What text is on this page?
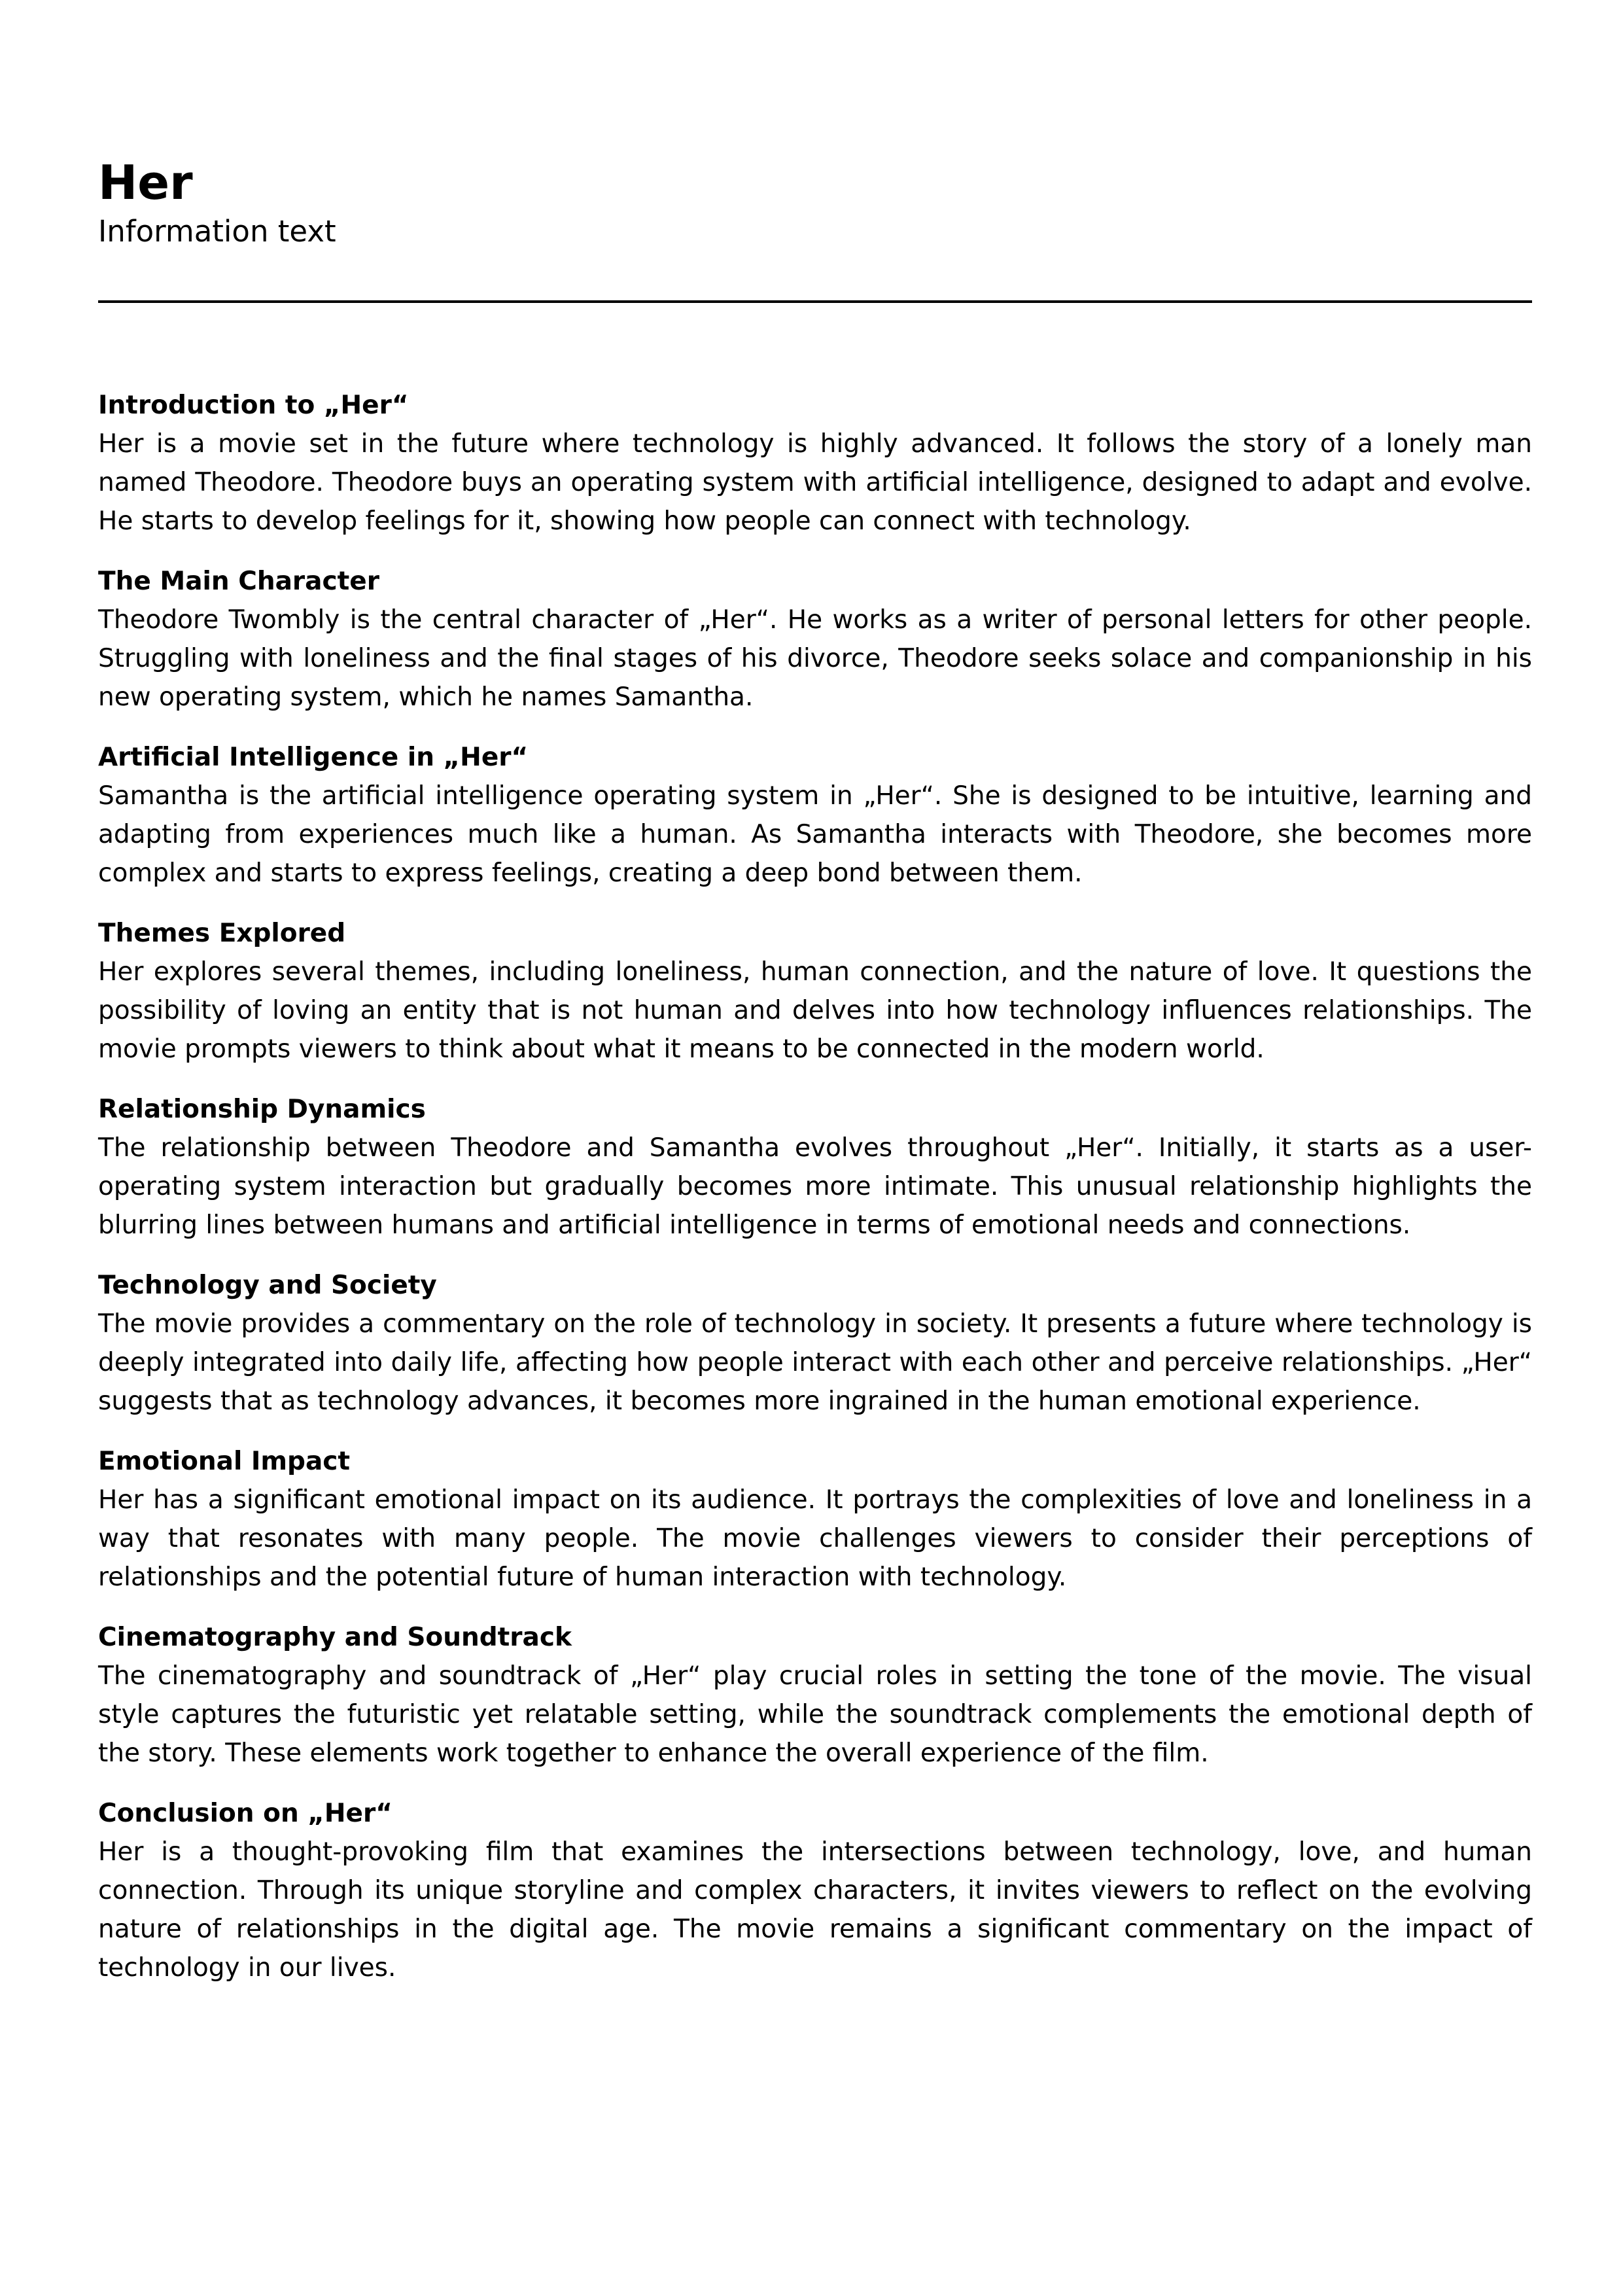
Her

Information text

Introduction to „Her“

Her is a movie set in the future where technology is highly advanced. It follows the story of a lonely man named Theodore. Theodore buys an operating system with artificial intelligence, designed to adapt and evolve. He starts to develop feelings for it, showing how people can connect with technology.

The Main Character

Theodore Twombly is the central character of „Her“. He works as a writer of personal letters for other people. Struggling with loneliness and the final stages of his divorce, Theodore seeks solace and companionship in his new operating system, which he names Samantha.

Artificial Intelligence in „Her“

Samantha is the artificial intelligence operating system in „Her“. She is designed to be intuitive, learning and adapting from experiences much like a human. As Samantha interacts with Theodore, she becomes more complex and starts to express feelings, creating a deep bond between them.

Themes Explored

Her explores several themes, including loneliness, human connection, and the nature of love. It questions the possibility of loving an entity that is not human and delves into how technology influences relationships. The movie prompts viewers to think about what it means to be connected in the modern world.

Relationship Dynamics

The relationship between Theodore and Samantha evolves throughout „Her“. Initially, it starts as a user-operating system interaction but gradually becomes more intimate. This unusual relationship highlights the blurring lines between humans and artificial intelligence in terms of emotional needs and connections.

Technology and Society

The movie provides a commentary on the role of technology in society. It presents a future where technology is deeply integrated into daily life, affecting how people interact with each other and perceive relationships. „Her“ suggests that as technology advances, it becomes more ingrained in the human emotional experience.

Emotional Impact

Her has a significant emotional impact on its audience. It portrays the complexities of love and loneliness in a way that resonates with many people. The movie challenges viewers to consider their perceptions of relationships and the potential future of human interaction with technology.

Cinematography and Soundtrack

The cinematography and soundtrack of „Her“ play crucial roles in setting the tone of the movie. The visual style captures the futuristic yet relatable setting, while the soundtrack complements the emotional depth of the story. These elements work together to enhance the overall experience of the film.

Conclusion on „Her“

Her is a thought-provoking film that examines the intersections between technology, love, and human connection. Through its unique storyline and complex characters, it invites viewers to reflect on the evolving nature of relationships in the digital age. The movie remains a significant commentary on the impact of technology in our lives.
